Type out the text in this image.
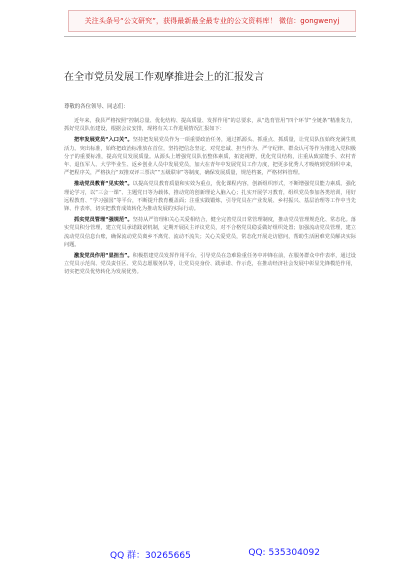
关注头条号“公文研究”，获得最新最全最专业的公文资料库！ 微信：gongwenyj
在全市党员发展工作观摩推进会上的汇报发言
尊敬的各位领导、同志们：

近年来，我县严格按照“控制总量、优化结构、提高质量、发挥作用”的总要求，从“选育管用”四个环节“全链条”精准发力，抓好党员队伍建设，根据会议安排，现将有关工作进展情况汇报如下：

把牢发展党员“入口关”。坚持把发展党员作为一项重要政治任务，通过抓源头、抓重点、抓质量，让党员队伍始终充满生机活力。突出标准，始终把政治标准放在首位，坚持把信念坚定、对党忠诚、担当作为、严守纪律、群众认可等作为推选入党积极分子的重要标准，提高党员发展质量。从源头上增强党员队伍整体素质，拓宽视野，优化党员结构，注重从致富能手、农村青年、退伍军人、大学毕业生、返乡创业人员中发展党员，加大在青年中发展党员工作力度，把更多优秀人才吸纳到党组织中来，严把程序关，严格执行“双推双评三票决”“五级联审”等制度，确保发展质量，规范档案，严格材料管理。

推动党员教育“见实效”。以提高党员教育质量和实效为重点，优化课程内容，创新组织形式，不断增强党员能力素质。强化理论学习，以“三会一课”、主题党日等为载体，推动党的创新理论入脑入心；扎实开展学习教育，组织党员参加各类培训，用好远程教育、“学习强国”等平台，不断提升教育覆盖面；注重实践锻炼，引导党员在产业发展、乡村振兴、基层治理等工作中当先锋、作表率，切实把教育成效转化为推动发展的实际行动。

抓实党员管理“强规范”。坚持从严管理和关心关爱相结合，健全完善党员日常管理制度，推动党员管理规范化、常态化。落实党员积分管理，建立党员承诺践诺机制，定期开展民主评议党员，对不合格党员稳妥做好组织处置；加强流动党员管理，建立流动党员信息台账，确保流动党员离乡不离党、流动不流失；关心关爱党员，常态化开展走访慰问，帮助生活困难党员解决实际问题。

激发党员作用“显担当”。积极搭建党员发挥作用平台，引导党员在急难险重任务中冲锋在前，在服务群众中作表率，通过设立党员示范岗、党员责任区、党员志愿服务队等，让党员亮身份、践承诺、作示范，在推动经济社会发展中彰显先锋模范作用，切实把党员优势转化为发展优势。

QQ 群：30265665	QQ: 535304092
